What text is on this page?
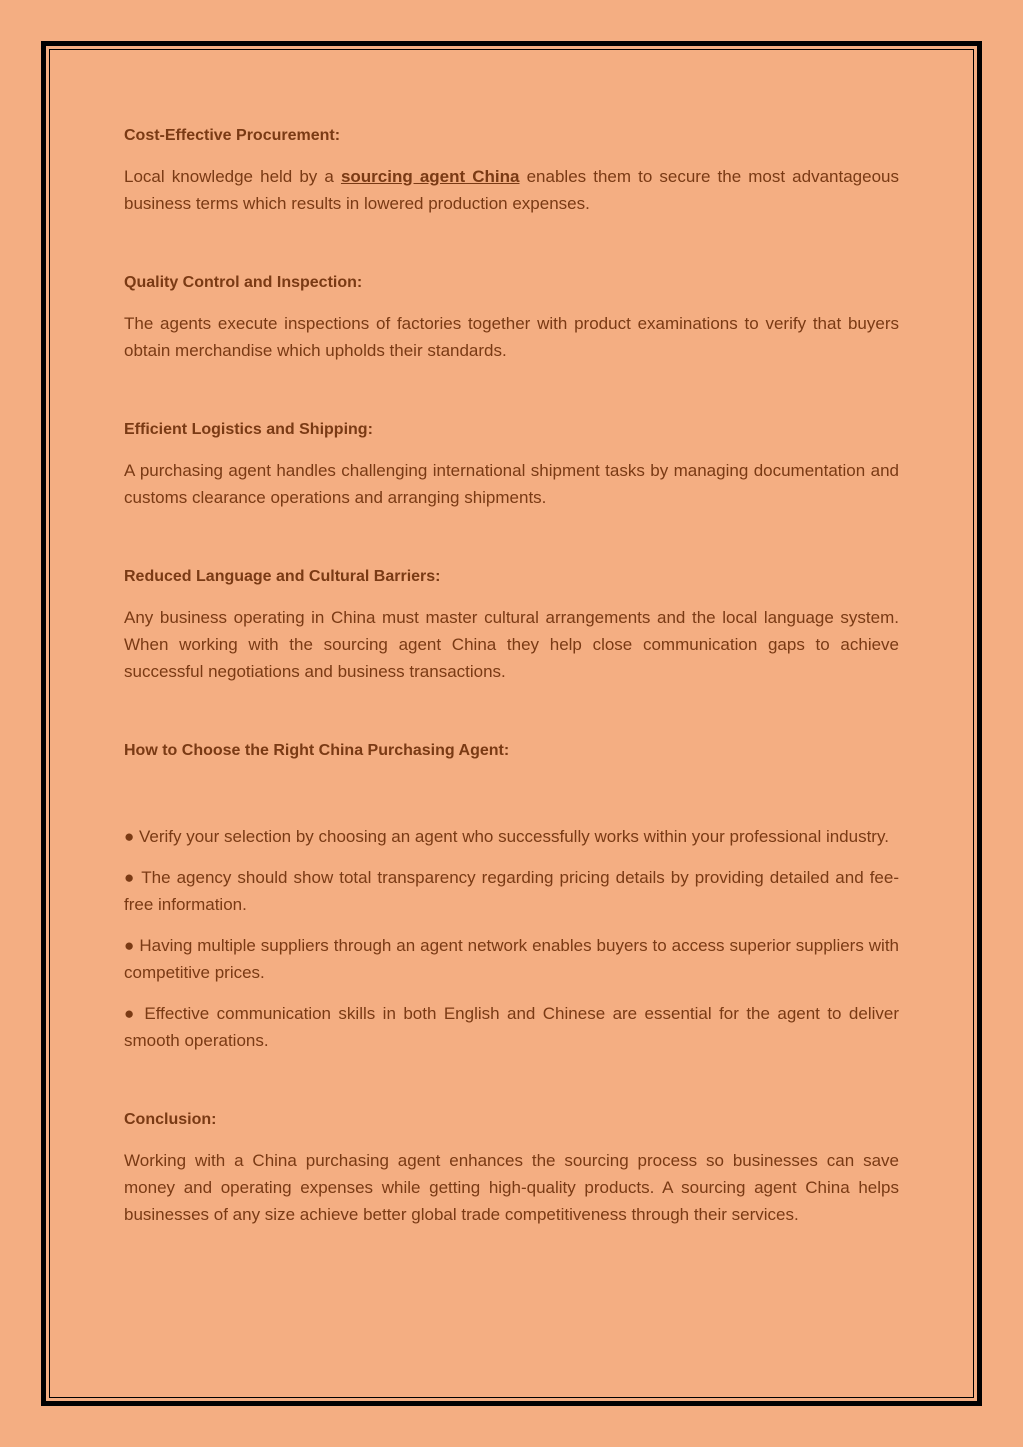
Cost-Effective Procurement:

Local knowledge held by a sourcing agent China enables them to secure the most advantageous business terms which results in lowered production expenses.

Quality Control and Inspection:

The agents execute inspections of factories together with product examinations to verify that buyers obtain merchandise which upholds their standards.

Efficient Logistics and Shipping:

A purchasing agent handles challenging international shipment tasks by managing documentation and customs clearance operations and arranging shipments.

Reduced Language and Cultural Barriers:

Any business operating in China must master cultural arrangements and the local language system. When working with the sourcing agent China they help close communication gaps to achieve successful negotiations and business transactions.

How to Choose the Right China Purchasing Agent:

● Verify your selection by choosing an agent who successfully works within your professional industry.

● The agency should show total transparency regarding pricing details by providing detailed and fee-free information.

● Having multiple suppliers through an agent network enables buyers to access superior suppliers with competitive prices.

● Effective communication skills in both English and Chinese are essential for the agent to deliver smooth operations.

Conclusion:

Working with a China purchasing agent enhances the sourcing process so businesses can save money and operating expenses while getting high-quality products. A sourcing agent China helps businesses of any size achieve better global trade competitiveness through their services.
